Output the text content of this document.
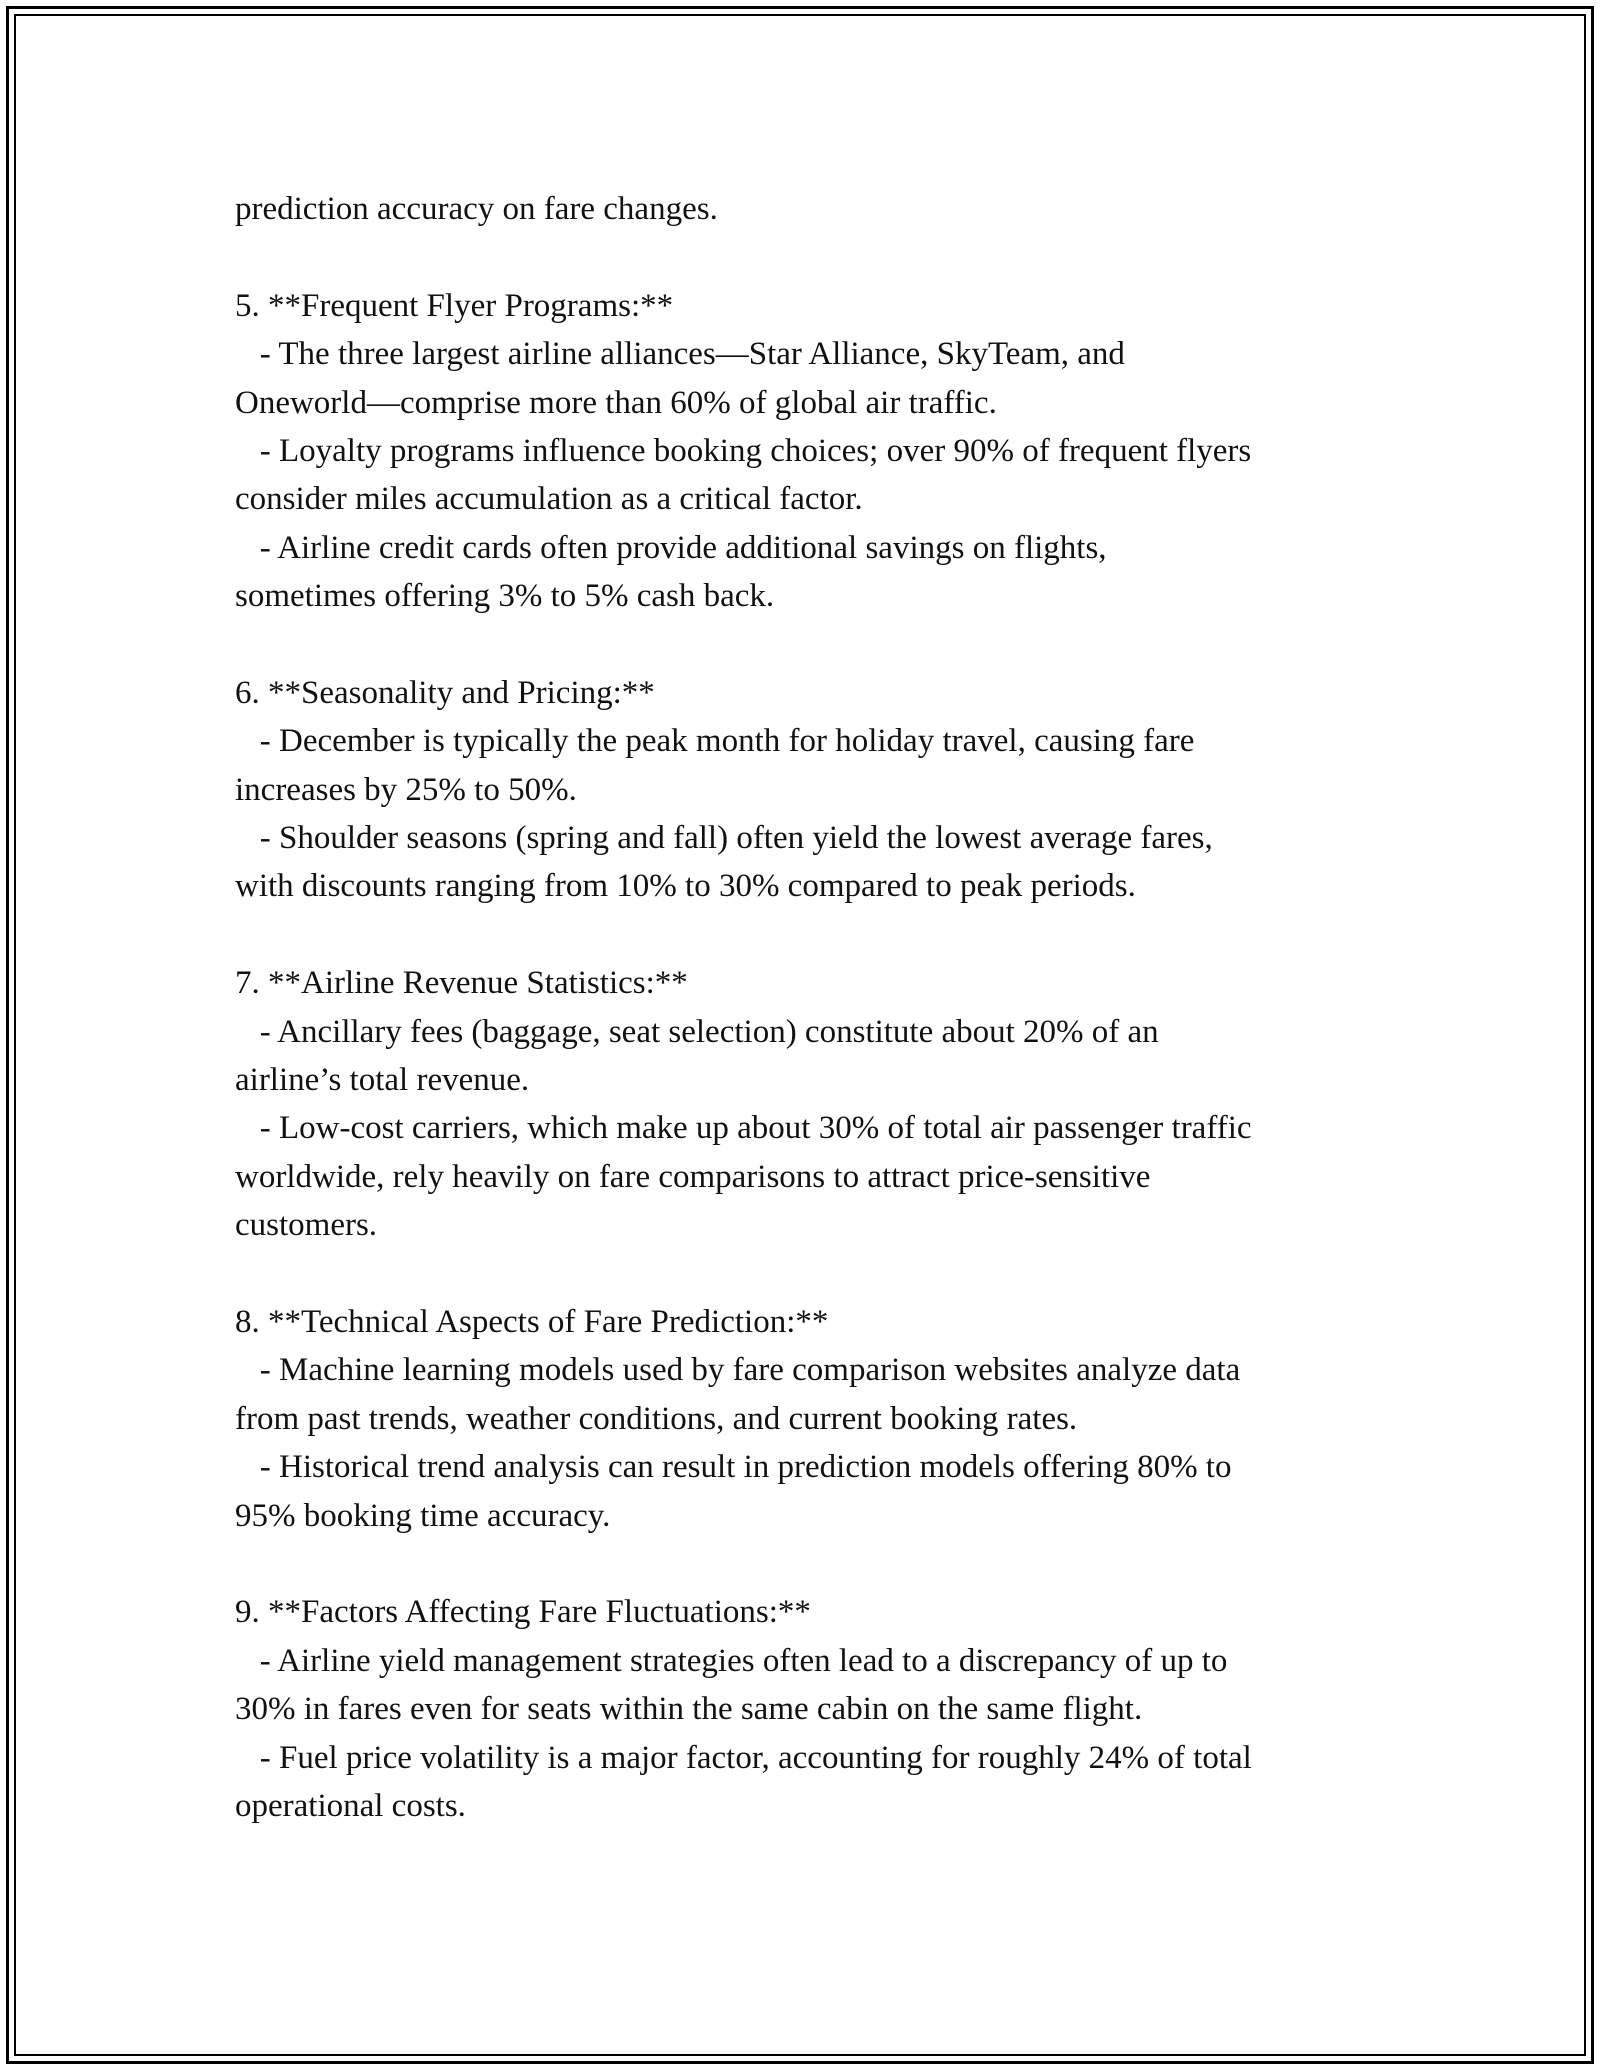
prediction accuracy on fare changes.
5. **Frequent Flyer Programs:**
- The three largest airline alliances—Star Alliance, SkyTeam, and
Oneworld—comprise more than 60% of global air traffic.
- Loyalty programs influence booking choices; over 90% of frequent flyers
consider miles accumulation as a critical factor.
- Airline credit cards often provide additional savings on flights,
sometimes offering 3% to 5% cash back.
6. **Seasonality and Pricing:**
- December is typically the peak month for holiday travel, causing fare
increases by 25% to 50%.
- Shoulder seasons (spring and fall) often yield the lowest average fares,
with discounts ranging from 10% to 30% compared to peak periods.
7. **Airline Revenue Statistics:**
- Ancillary fees (baggage, seat selection) constitute about 20% of an
airline’s total revenue.
- Low-cost carriers, which make up about 30% of total air passenger traffic
worldwide, rely heavily on fare comparisons to attract price-sensitive
customers.
8. **Technical Aspects of Fare Prediction:**
- Machine learning models used by fare comparison websites analyze data
from past trends, weather conditions, and current booking rates.
- Historical trend analysis can result in prediction models offering 80% to
95% booking time accuracy.
9. **Factors Affecting Fare Fluctuations:**
- Airline yield management strategies often lead to a discrepancy of up to
30% in fares even for seats within the same cabin on the same flight.
- Fuel price volatility is a major factor, accounting for roughly 24% of total
operational costs.
